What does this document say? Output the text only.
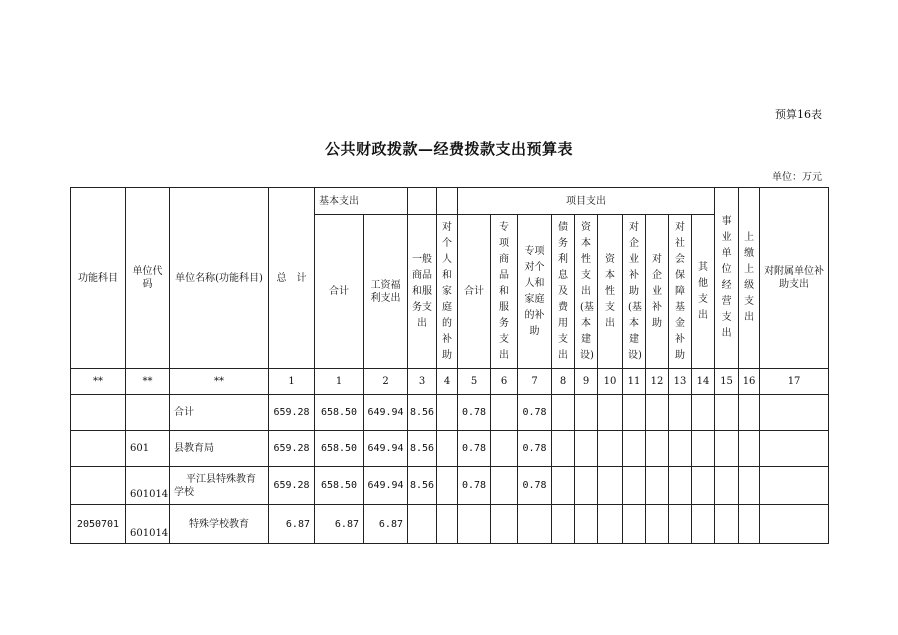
预算16表
公共财政拨款—经费拨款支出预算表
单位：万元
功能科目	单位代码	单位名称(功能科目)	总　计	基本支出				项目支出										事业单位经营支出	上缴上级支出	对附属单位补助支出
				合计	工资福利支出	一般商品和服务支出	对个人和家庭的补助	合计	专项商品和服务支出	专项对个人和家庭的补助	债务利息及费用支出	资本性支出(基本建设)	资本性支出	对企业补助(基本建设)	对企业补助	对社会保障基金补助	其他支出			
**	**	**	1	1	2	3	4	5	6	7	8	9	10	11	12	13	14	15	16	17
		合计	659.28	658.50	649.94	8.56		0.78		0.78										
	601	县教育局	659.28	658.50	649.94	8.56		0.78		0.78										
	601014	平江县特殊教育学校	659.28	658.50	649.94	8.56		0.78		0.78										
2050701	601014	特殊学校教育	6.87	6.87	6.87															
